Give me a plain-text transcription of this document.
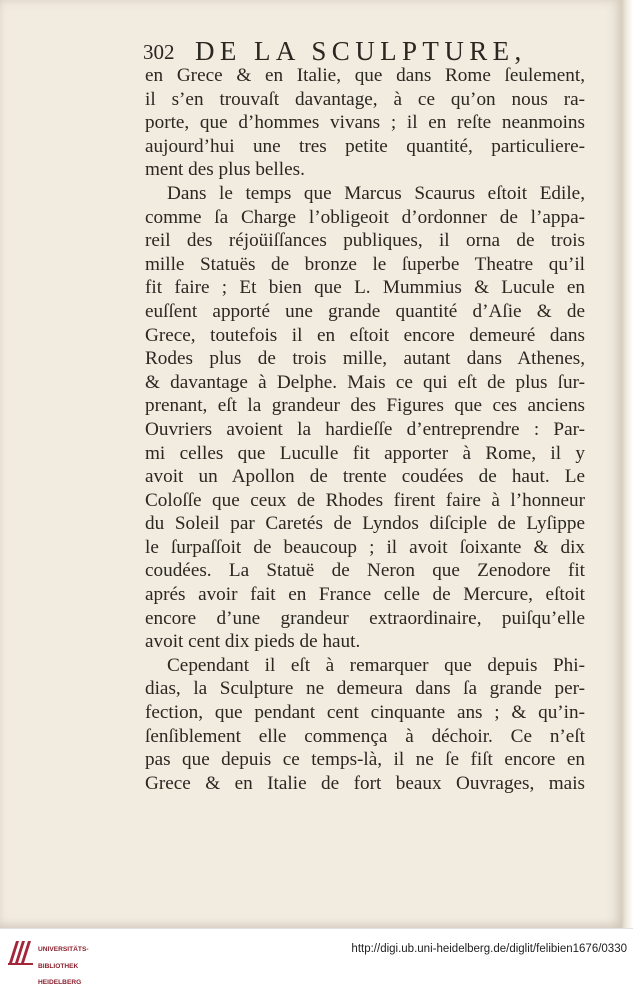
302 DE LA SCULPTURE,
en Grece & en Italie, que dans Rome ſeulement,
il s’en trouvaſt davantage, à ce qu’on nous ra-
porte, que d’hommes vivans ; il en reſte neanmoins
aujourd’hui une tres petite quantité, particuliere-
ment des plus belles.
Dans le temps que Marcus Scaurus eſtoit Edile,
comme ſa Charge l’obligeoit d’ordonner de l’appa-
reil des réjoüiſſances publiques, il orna de trois
mille Statuës de bronze le ſuperbe Theatre qu’il
fit faire ; Et bien que L. Mummius & Lucule en
euſſent apporté une grande quantité d’Aſie & de
Grece, toutefois il en eſtoit encore demeuré dans
Rodes plus de trois mille, autant dans Athenes,
& davantage à Delphe. Mais ce qui eſt de plus ſur-
prenant, eſt la grandeur des Figures que ces anciens
Ouvriers avoient la hardieſſe d’entreprendre : Par-
mi celles que Luculle fit apporter à Rome, il y
avoit un Apollon de trente coudées de haut. Le
Coloſſe que ceux de Rhodes firent faire à l’honneur
du Soleil par Caretés de Lyndos diſciple de Lyſippe
le ſurpaſſoit de beaucoup ; il avoit ſoixante & dix
coudées. La Statuë de Neron que Zenodore fit
aprés avoir fait en France celle de Mercure, eſtoit
encore d’une grandeur extraordinaire, puiſqu’elle
avoit cent dix pieds de haut.
Cependant il eſt à remarquer que depuis Phi-
dias, la Sculpture ne demeura dans ſa grande per-
fection, que pendant cent cinquante ans ; & qu’in-
ſenſiblement elle commença à déchoir. Ce n’eſt
pas que depuis ce temps-là, il ne ſe fiſt encore en
Grece & en Italie de fort beaux Ouvrages, mais

UNIVERSITÄTS-

BIBLIOTHEK

HEIDELBERG

http://digi.ub.uni-heidelberg.de/diglit/felibien1676/0330
